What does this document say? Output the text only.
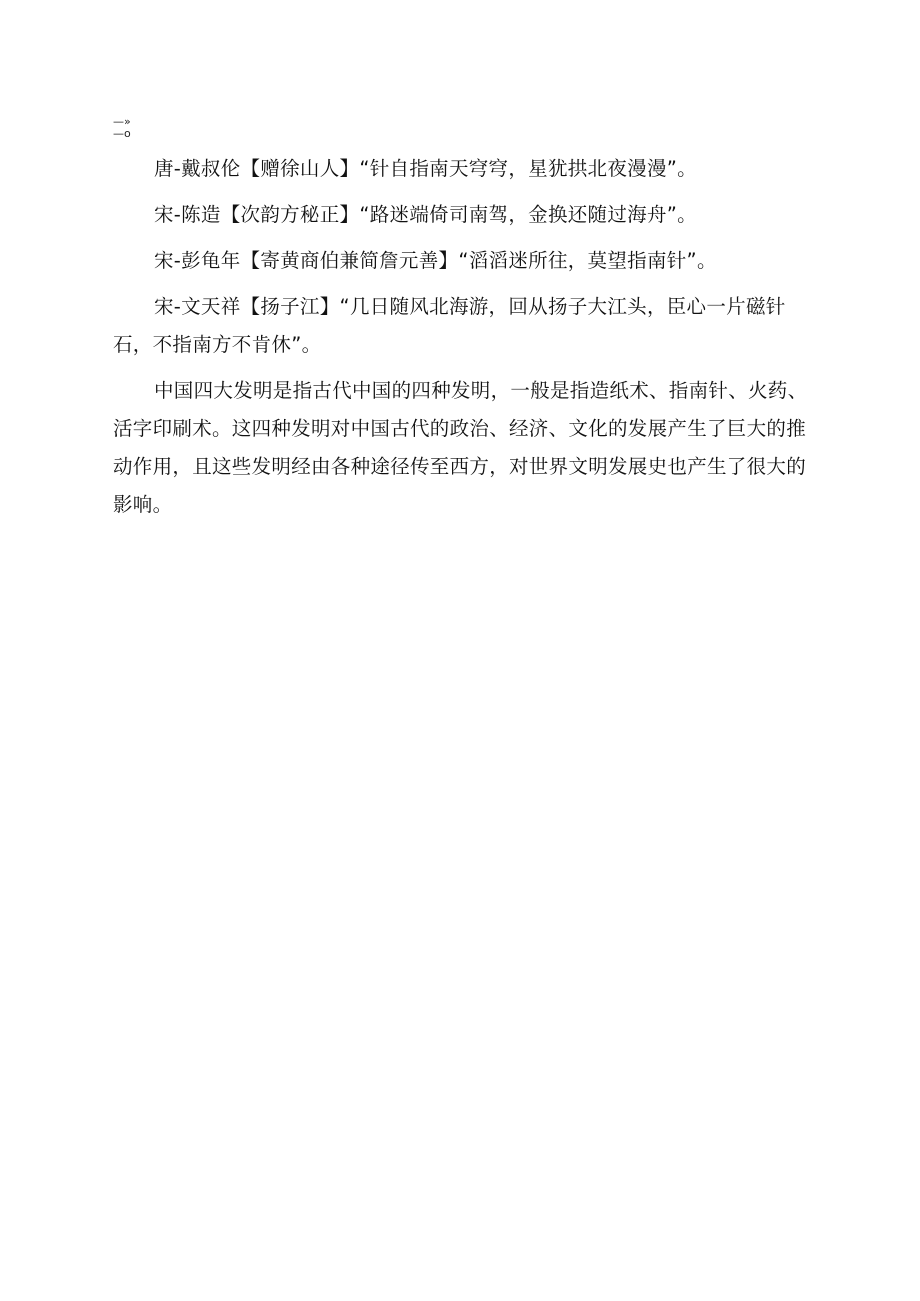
—»
—o

唐-戴叔伦【赠徐山人】“针自指南天穹穹，星犹拱北夜漫漫”。

宋-陈造【次韵方秘正】“路迷端倚司南驾，金换还随过海舟”。

宋-彭龟年【寄黄商伯兼简詹元善】“滔滔迷所往，莫望指南针”。

宋-文天祥【扬子江】“几日随风北海游，回从扬子大江头，臣心一片磁针石，不指南方不肯休”。

中国四大发明是指古代中国的四种发明，一般是指造纸术、指南针、火药、活字印刷术。这四种发明对中国古代的政治、经济、文化的发展产生了巨大的推动作用，且这些发明经由各种途径传至西方，对世界文明发展史也产生了很大的影响。
